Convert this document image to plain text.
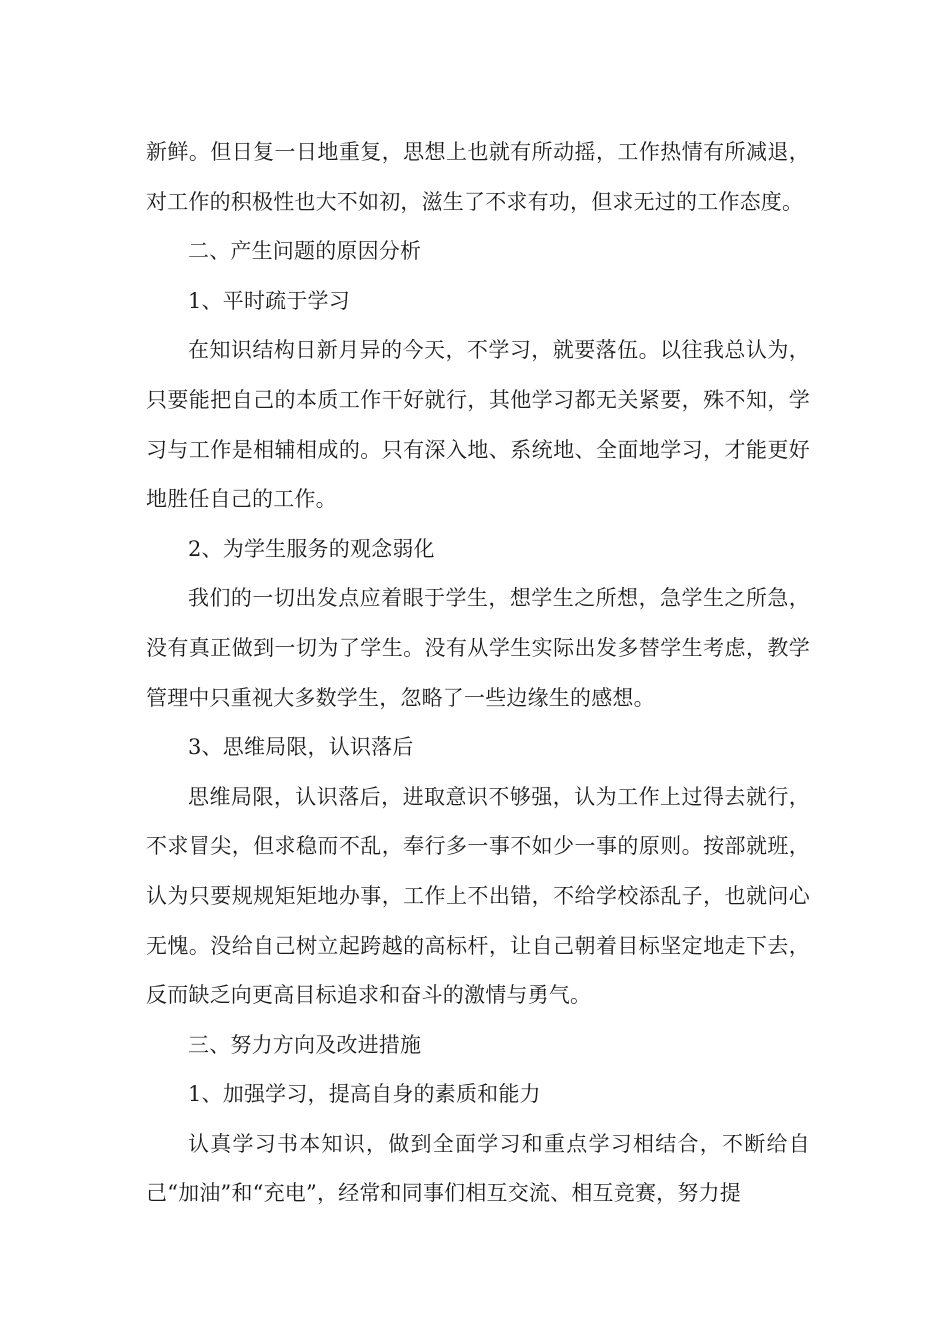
新鲜。但日复一日地重复，思想上也就有所动摇，工作热情有所减退，对工作的积极性也大不如初，滋生了不求有功，但求无过的工作态度。

二、产生问题的原因分析

1、平时疏于学习

在知识结构日新月异的今天，不学习，就要落伍。以往我总认为，只要能把自己的本质工作干好就行，其他学习都无关紧要，殊不知，学习与工作是相辅相成的。只有深入地、系统地、全面地学习，才能更好地胜任自己的工作。

2、为学生服务的观念弱化

我们的一切出发点应着眼于学生，想学生之所想，急学生之所急，没有真正做到一切为了学生。没有从学生实际出发多替学生考虑，教学管理中只重视大多数学生，忽略了一些边缘生的感想。

3、思维局限，认识落后

思维局限，认识落后，进取意识不够强，认为工作上过得去就行，不求冒尖，但求稳而不乱，奉行多一事不如少一事的原则。按部就班，认为只要规规矩矩地办事，工作上不出错，不给学校添乱子，也就问心无愧。没给自己树立起跨越的高标杆，让自己朝着目标坚定地走下去，反而缺乏向更高目标追求和奋斗的激情与勇气。

三、努力方向及改进措施

1、加强学习，提高自身的素质和能力

认真学习书本知识，做到全面学习和重点学习相结合，不断给自己“加油”和“充电”，经常和同事们相互交流、相互竞赛，努力提
